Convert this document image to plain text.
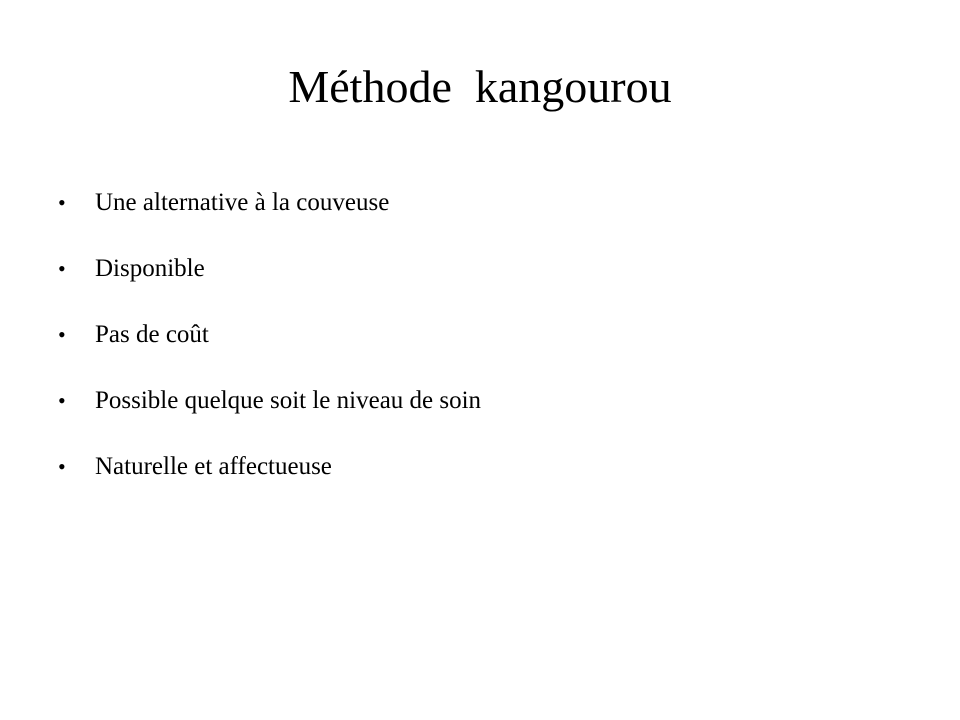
Méthode  kangourou
•	Une alternative à la couveuse
•	Disponible
•	Pas de coût
•	Possible quelque soit le niveau de soin
•	Naturelle et affectueuse
